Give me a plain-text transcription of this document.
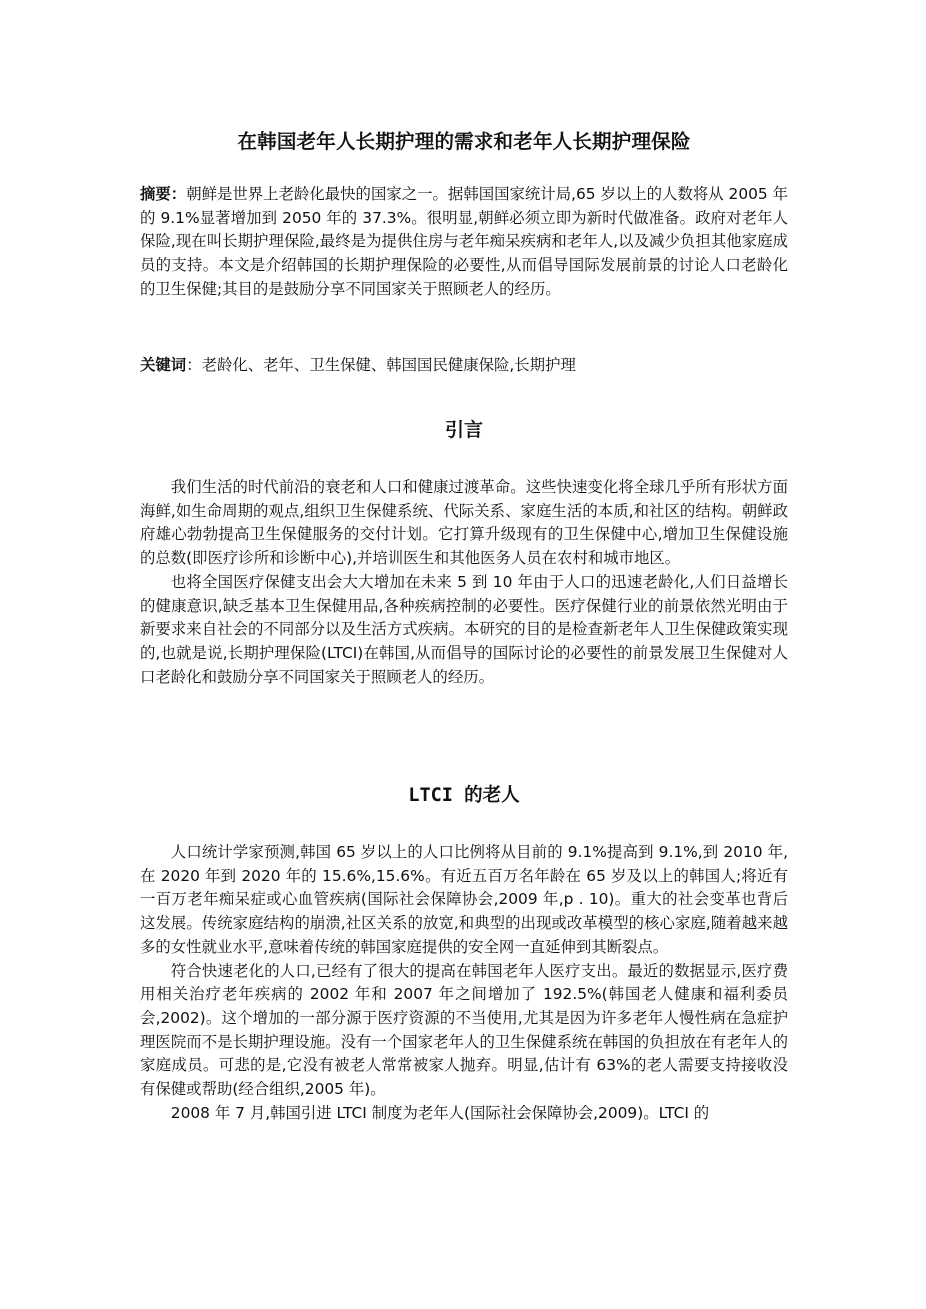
在韩国老年人长期护理的需求和老年人长期护理保险

摘要：朝鲜是世界上老龄化最快的国家之一。据韩国国家统计局,65 岁以上的人数将从 2005 年的 9.1%显著增加到 2050 年的 37.3%。很明显,朝鲜必须立即为新时代做准备。政府对老年人保险,现在叫长期护理保险,最终是为提供住房与老年痴呆疾病和老年人,以及减少负担其他家庭成员的支持。本文是介绍韩国的长期护理保险的必要性,从而倡导国际发展前景的讨论人口老龄化的卫生保健;其目的是鼓励分享不同国家关于照顾老人的经历。

关键词：老龄化、老年、卫生保健、韩国国民健康保险,长期护理

引言

我们生活的时代前沿的衰老和人口和健康过渡革命。这些快速变化将全球几乎所有形状方面海鲜,如生命周期的观点,组织卫生保健系统、代际关系、家庭生活的本质,和社区的结构。朝鲜政府雄心勃勃提高卫生保健服务的交付计划。它打算升级现有的卫生保健中心,增加卫生保健设施的总数(即医疗诊所和诊断中心),并培训医生和其他医务人员在农村和城市地区。

也将全国医疗保健支出会大大增加在未来 5 到 10 年由于人口的迅速老龄化,人们日益增长的健康意识,缺乏基本卫生保健用品,各种疾病控制的必要性。医疗保健行业的前景依然光明由于新要求来自社会的不同部分以及生活方式疾病。本研究的目的是检查新老年人卫生保健政策实现的,也就是说,长期护理保险(LTCI)在韩国,从而倡导的国际讨论的必要性的前景发展卫生保健对人口老龄化和鼓励分享不同国家关于照顾老人的经历。

LTCI 的老人

人口统计学家预测,韩国 65 岁以上的人口比例将从目前的 9.1%提高到 9.1%,到 2010 年,在 2020 年到 2020 年的 15.6%,15.6%。有近五百万名年龄在 65 岁及以上的韩国人;将近有一百万老年痴呆症或心血管疾病(国际社会保障协会,2009 年,p . 10)。重大的社会变革也背后这发展。传统家庭结构的崩溃,社区关系的放宽,和典型的出现或改革模型的核心家庭,随着越来越多的女性就业水平,意味着传统的韩国家庭提供的安全网一直延伸到其断裂点。

符合快速老化的人口,已经有了很大的提高在韩国老年人医疗支出。最近的数据显示,医疗费用相关治疗老年疾病的 2002 年和 2007 年之间增加了 192.5%(韩国老人健康和福利委员会,2002)。这个增加的一部分源于医疗资源的不当使用,尤其是因为许多老年人慢性病在急症护理医院而不是长期护理设施。没有一个国家老年人的卫生保健系统在韩国的负担放在有老年人的家庭成员。可悲的是,它没有被老人常常被家人抛弃。明显,估计有 63%的老人需要支持接收没有保健或帮助(经合组织,2005 年)。

2008 年 7 月,韩国引进 LTCI 制度为老年人(国际社会保障协会,2009)。LTCI 的
